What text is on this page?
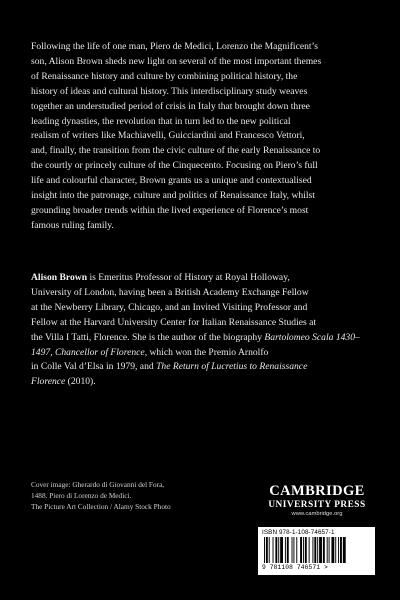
Following the life of one man, Piero de Medici, Lorenzo the Magnificent’s
son, Alison Brown sheds new light on several of the most important themes
of Renaissance history and culture by combining political history, the
history of ideas and cultural history. This interdisciplinary study weaves
together an understudied period of crisis in Italy that brought down three
leading dynasties, the revolution that in turn led to the new political
realism of writers like Machiavelli, Guicciardini and Francesco Vettori,
and, finally, the transition from the civic culture of the early Renaissance to
the courtly or princely culture of the Cinquecento. Focusing on Piero’s full
life and colourful character, Brown grants us a unique and contextualised
insight into the patronage, culture and politics of Renaissance Italy, whilst
grounding broader trends within the lived experience of Florence’s most
famous ruling family.
Alison Brown is Emeritus Professor of History at Royal Holloway,
University of London, having been a British Academy Exchange Fellow
at the Newberry Library, Chicago, and an Invited Visiting Professor and
Fellow at the Harvard University Center for Italian Renaissance Studies at
the Villa I Tatti, Florence. She is the author of the biography Bartolomeo Scala 1430–1497, Chancellor of Florence, which won the Premio Arnolfo
in Colle Val d’Elsa in 1979, and The Return of Lucretius to Renaissance
Florence (2010).
Cover image: Gherardo di Giovanni del Fora,
1488. Piero di Lorenzo de Medici.
The Picture Art Collection / Alamy Stock Photo
CAMBRIDGE
UNIVERSITY PRESS
www.cambridge.org
ISBN 978-1-108-74657-1
9 781108 746571 >
